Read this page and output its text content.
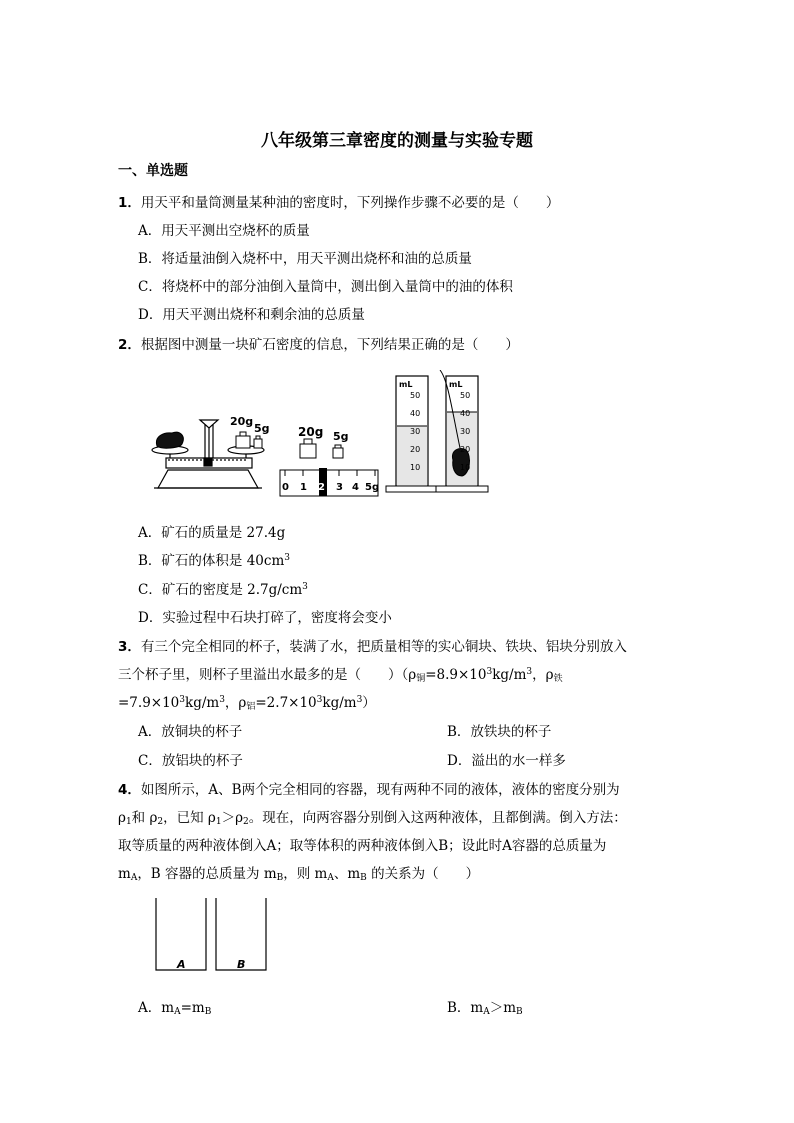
八年级第三章密度的测量与实验专题
一、单选题
1．用天平和量筒测量某种油的密度时，下列操作步骤不必要的是（　　）
A．用天平测出空烧杯的质量
B．将适量油倒入烧杯中，用天平测出烧杯和油的总质量
C．将烧杯中的部分油倒入量筒中，测出倒入量筒中的油的体积
D．用天平测出烧杯和剩余油的总质量
2．根据图中测量一块矿石密度的信息，下列结果正确的是（　　）
20g
5g 20g 5g
0 1 2 3 4 5g
mL
50
40
30
20
10
mL
50
40
30
20
10
A．矿石的质量是 27.4g
B．矿石的体积是 $40cm^3$
C．矿石的密度是 $2.7g/cm^3$
D．实验过程中石块打碎了，密度将会变小
3．有三个完全相同的杯子，装满了水，把质量相等的实心铜块、铁块、铝块分别放入
三个杯子里，则杯子里溢出水最多的是（　　）（$\rho_铜=8.9\times 10^3kg/m^3$，$\rho_铁$
$=7.9\times 10^3kg/m^3$，$\rho_铝=2.7\times 10^3kg/m^3$）
A．放铜块的杯子	B．放铁块的杯子
C．放铝块的杯子	D．溢出的水一样多
4．如图所示，A、B两个完全相同的容器，现有两种不同的液体，液体的密度分别为
$\rho_1$和 $\rho_2$，已知 $\rho_1>\rho_2$。现在，向两容器分别倒入这两种液体，且都倒满。倒入方法：
取等质量的两种液体倒入A；取等体积的两种液体倒入B；设此时A容器的总质量为
$m_A$，B 容器的总质量为 $m_B$，则 $m_A$、$m_B$ 的关系为（　　）
A	B
A．$m_A=m_B$	B．$m_A>m_B$
